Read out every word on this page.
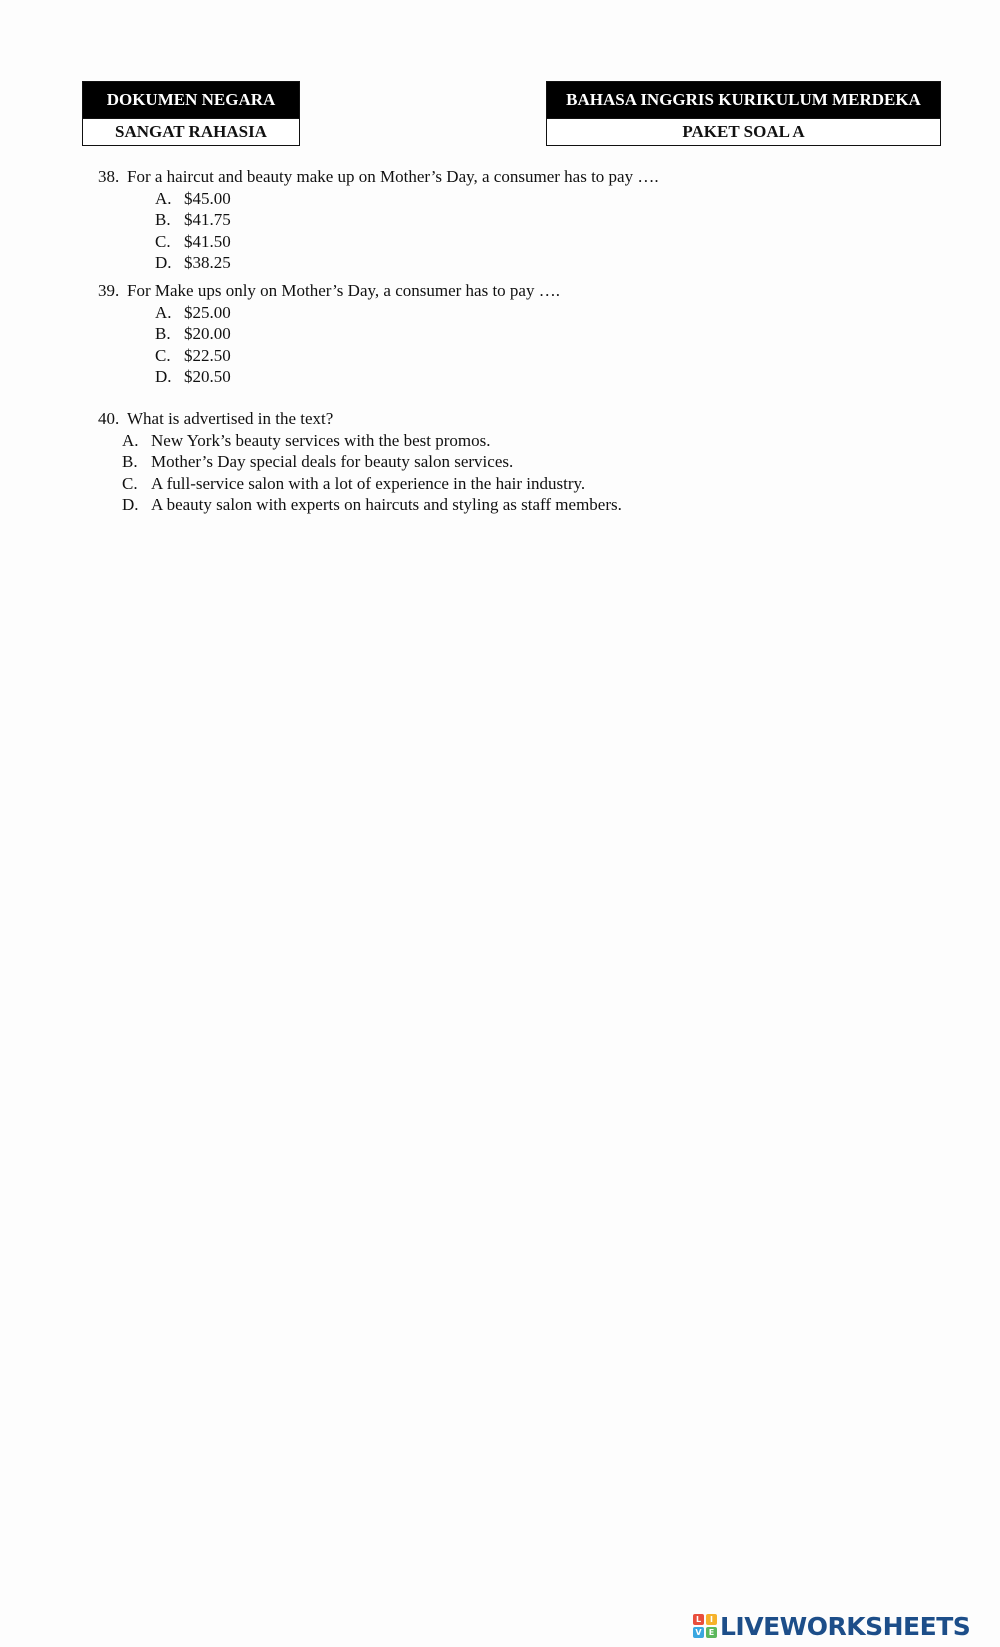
DOKUMEN NEGARA
SANGAT RAHASIA
BAHASA INGGRIS KURIKULUM MERDEKA
PAKET SOAL A
38. For a haircut and beauty make up on Mother’s Day, a consumer has to pay ….
A. $45.00
B. $41.75
C. $41.50
D. $38.25
39. For Make ups only on Mother’s Day, a consumer has to pay ….
A. $25.00
B. $20.00
C. $22.50
D. $20.50
40. What is advertised in the text?
A. New York’s beauty services with the best promos.
B. Mother’s Day special deals for beauty salon services.
C. A full-service salon with a lot of experience in the hair industry.
D. A beauty salon with experts on haircuts and styling as staff members.
L	I
V E LIVEWORKSHEETS
